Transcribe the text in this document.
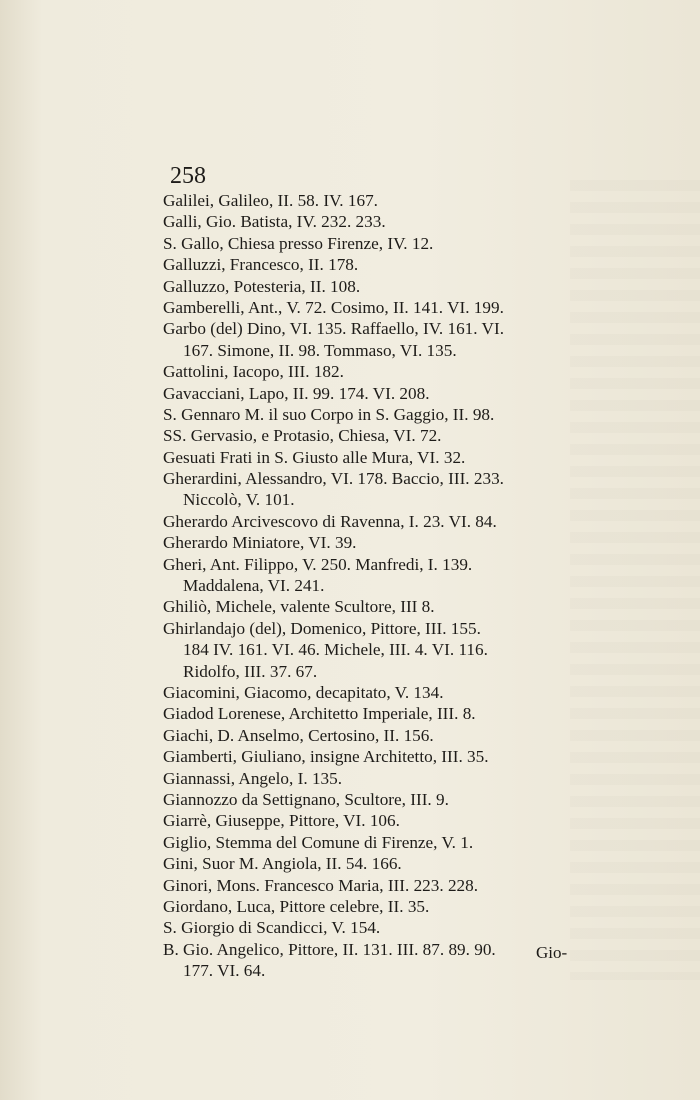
258
Galilei, Galileo, II. 58. IV. 167.
Galli, Gio. Batista, IV. 232. 233.
S. Gallo, Chiesa presso Firenze, IV. 12.
Galluzzi, Francesco, II. 178.
Galluzzo, Potesteria, II. 108.
Gamberelli, Ant., V. 72. Cosimo, II. 141. VI. 199.
Garbo (del) Dino, VI. 135. Raffaello, IV. 161. VI.
167. Simone, II. 98. Tommaso, VI. 135.
Gattolini, Iacopo, III. 182.
Gavacciani, Lapo, II. 99. 174. VI. 208.
S. Gennaro M. il suo Corpo in S. Gaggio, II. 98.
SS. Gervasio, e Protasio, Chiesa, VI. 72.
Gesuati Frati in S. Giusto alle Mura, VI. 32.
Gherardini, Alessandro, VI. 178. Baccio, III. 233.
Niccolò, V. 101.
Gherardo Arcivescovo di Ravenna, I. 23. VI. 84.
Gherardo Miniatore, VI. 39.
Gheri, Ant. Filippo, V. 250. Manfredi, I. 139.
Maddalena, VI. 241.
Ghiliò, Michele, valente Scultore, III 8.
Ghirlandajo (del), Domenico, Pittore, III. 155.
184 IV. 161. VI. 46. Michele, III. 4. VI. 116.
Ridolfo, III. 37. 67.
Giacomini, Giacomo, decapitato, V. 134.
Giadod Lorenese, Architetto Imperiale, III. 8.
Giachi, D. Anselmo, Certosino, II. 156.
Giamberti, Giuliano, insigne Architetto, III. 35.
Giannassi, Angelo, I. 135.
Giannozzo da Settignano, Scultore, III. 9.
Giarrè, Giuseppe, Pittore, VI. 106.
Giglio, Stemma del Comune di Firenze, V. 1.
Gini, Suor M. Angiola, II. 54. 166.
Ginori, Mons. Francesco Maria, III. 223. 228.
Giordano, Luca, Pittore celebre, II. 35.
S. Giorgio di Scandicci, V. 154.
B. Gio. Angelico, Pittore, II. 131. III. 87. 89. 90.
177. VI. 64.
Gio-
